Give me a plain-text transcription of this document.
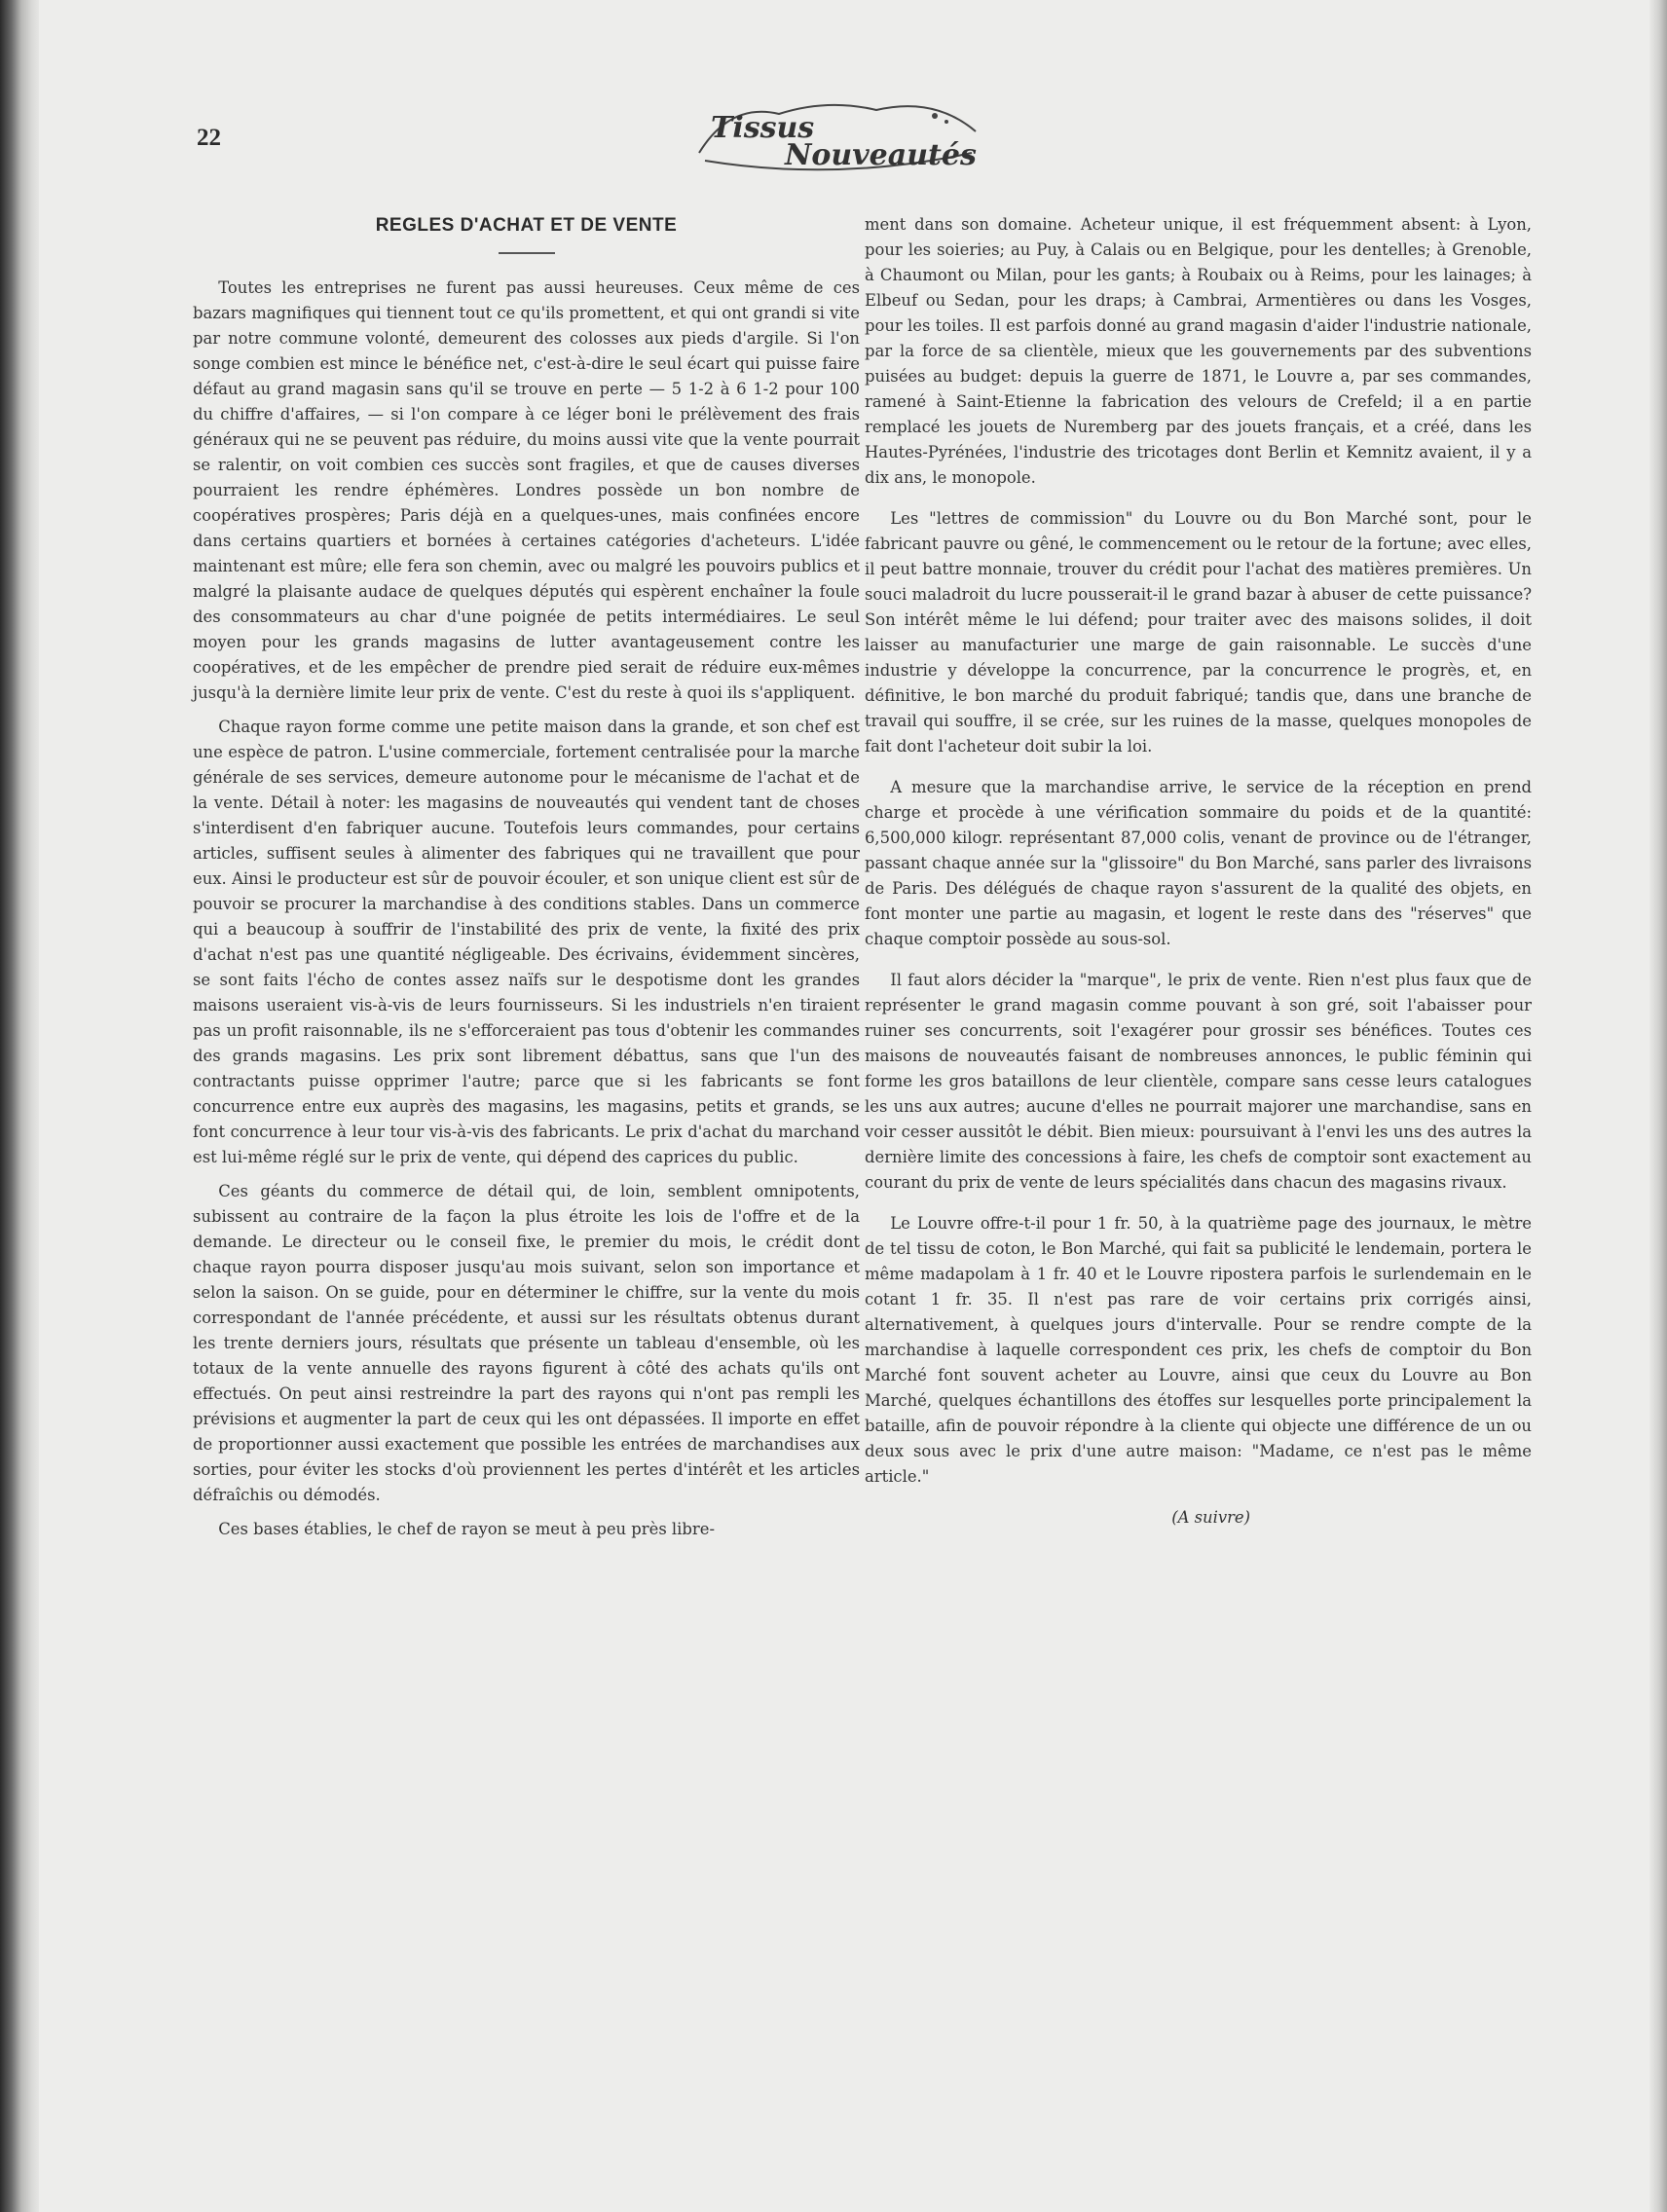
22	Tissus
Nouveautés
REGLES D'ACHAT ET DE VENTE

Toutes les entreprises ne furent pas aussi heureuses. Ceux même de ces bazars magnifiques qui tiennent tout ce qu'ils promettent, et qui ont grandi si vite par notre commune volonté, demeurent des colosses aux pieds d'argile. Si l'on songe combien est mince le bénéfice net, c'est-à-dire le seul écart qui puisse faire défaut au grand magasin sans qu'il se trouve en perte — 5 1-2 à 6 1-2 pour 100 du chiffre d'affaires, — si l'on compare à ce léger boni le prélèvement des frais généraux qui ne se peuvent pas réduire, du moins aussi vite que la vente pourrait se ralentir, on voit combien ces succès sont fragiles, et que de causes diverses pourraient les rendre éphémères. Londres possède un bon nombre de coopératives prospères; Paris déjà en a quelques-unes, mais confinées encore dans certains quartiers et bornées à certaines catégories d'acheteurs. L'idée maintenant est mûre; elle fera son chemin, avec ou malgré les pouvoirs publics et malgré la plaisante audace de quelques députés qui espèrent enchaîner la foule des consommateurs au char d'une poignée de petits intermédiaires. Le seul moyen pour les grands magasins de lutter avantageusement contre les coopératives, et de les empêcher de prendre pied serait de réduire eux-mêmes jusqu'à la dernière limite leur prix de vente. C'est du reste à quoi ils s'appliquent.

Chaque rayon forme comme une petite maison dans la grande, et son chef est une espèce de patron. L'usine commerciale, fortement centralisée pour la marche générale de ses services, demeure autonome pour le mécanisme de l'achat et de la vente. Détail à noter: les magasins de nouveautés qui vendent tant de choses s'interdisent d'en fabriquer aucune. Toutefois leurs commandes, pour certains articles, suffisent seules à alimenter des fabriques qui ne travaillent que pour eux. Ainsi le producteur est sûr de pouvoir écouler, et son unique client est sûr de pouvoir se procurer la marchandise à des conditions stables. Dans un commerce qui a beaucoup à souffrir de l'instabilité des prix de vente, la fixité des prix d'achat n'est pas une quantité négligeable. Des écrivains, évidemment sincères, se sont faits l'écho de contes assez naïfs sur le despotisme dont les grandes maisons useraient vis-à-vis de leurs fournisseurs. Si les industriels n'en tiraient pas un profit raisonnable, ils ne s'efforceraient pas tous d'obtenir les commandes des grands magasins. Les prix sont librement débattus, sans que l'un des contractants puisse opprimer l'autre; parce que si les fabricants se font concurrence entre eux auprès des magasins, les magasins, petits et grands, se font concurrence à leur tour vis-à-vis des fabricants. Le prix d'achat du marchand est lui-même réglé sur le prix de vente, qui dépend des caprices du public.

Ces géants du commerce de détail qui, de loin, semblent omnipotents, subissent au contraire de la façon la plus étroite les lois de l'offre et de la demande. Le directeur ou le conseil fixe, le premier du mois, le crédit dont chaque rayon pourra disposer jusqu'au mois suivant, selon son importance et selon la saison. On se guide, pour en déterminer le chiffre, sur la vente du mois correspondant de l'année précédente, et aussi sur les résultats obtenus durant les trente derniers jours, résultats que présente un tableau d'ensemble, où les totaux de la vente annuelle des rayons figurent à côté des achats qu'ils ont effectués. On peut ainsi restreindre la part des rayons qui n'ont pas rempli les prévisions et augmenter la part de ceux qui les ont dépassées. Il importe en effet de proportionner aussi exactement que possible les entrées de marchandises aux sorties, pour éviter les stocks d'où proviennent les pertes d'intérêt et les articles défraîchis ou démodés.

Ces bases établies, le chef de rayon se meut à peu près libre-

ment dans son domaine. Acheteur unique, il est fréquemment absent: à Lyon, pour les soieries; au Puy, à Calais ou en Belgique, pour les dentelles; à Grenoble, à Chaumont ou Milan, pour les gants; à Roubaix ou à Reims, pour les lainages; à Elbeuf ou Sedan, pour les draps; à Cambrai, Armentières ou dans les Vosges, pour les toiles. Il est parfois donné au grand magasin d'aider l'industrie nationale, par la force de sa clientèle, mieux que les gouvernements par des subventions puisées au budget: depuis la guerre de 1871, le Louvre a, par ses commandes, ramené à Saint-Etienne la fabrication des velours de Crefeld; il a en partie remplacé les jouets de Nuremberg par des jouets français, et a créé, dans les Hautes-Pyrénées, l'industrie des tricotages dont Berlin et Kemnitz avaient, il y a dix ans, le monopole.

Les "lettres de commission" du Louvre ou du Bon Marché sont, pour le fabricant pauvre ou gêné, le commencement ou le retour de la fortune; avec elles, il peut battre monnaie, trouver du crédit pour l'achat des matières premières. Un souci maladroit du lucre pousserait-il le grand bazar à abuser de cette puissance? Son intérêt même le lui défend; pour traiter avec des maisons solides, il doit laisser au manufacturier une marge de gain raisonnable. Le succès d'une industrie y développe la concurrence, par la concurrence le progrès, et, en définitive, le bon marché du produit fabriqué; tandis que, dans une branche de travail qui souffre, il se crée, sur les ruines de la masse, quelques monopoles de fait dont l'acheteur doit subir la loi.

A mesure que la marchandise arrive, le service de la réception en prend charge et procède à une vérification sommaire du poids et de la quantité: 6,500,000 kilogr. représentant 87,000 colis, venant de province ou de l'étranger, passant chaque année sur la "glissoire" du Bon Marché, sans parler des livraisons de Paris. Des délégués de chaque rayon s'assurent de la qualité des objets, en font monter une partie au magasin, et logent le reste dans des "réserves" que chaque comptoir possède au sous-sol.

Il faut alors décider la "marque", le prix de vente. Rien n'est plus faux que de représenter le grand magasin comme pouvant à son gré, soit l'abaisser pour ruiner ses concurrents, soit l'exagérer pour grossir ses bénéfices. Toutes ces maisons de nouveautés faisant de nombreuses annonces, le public féminin qui forme les gros bataillons de leur clientèle, compare sans cesse leurs catalogues les uns aux autres; aucune d'elles ne pourrait majorer une marchandise, sans en voir cesser aussitôt le débit. Bien mieux: poursuivant à l'envi les uns des autres la dernière limite des concessions à faire, les chefs de comptoir sont exactement au courant du prix de vente de leurs spécialités dans chacun des magasins rivaux.

Le Louvre offre-t-il pour 1 fr. 50, à la quatrième page des journaux, le mètre de tel tissu de coton, le Bon Marché, qui fait sa publicité le lendemain, portera le même madapolam à 1 fr. 40 et le Louvre ripostera parfois le surlendemain en le cotant 1 fr. 35. Il n'est pas rare de voir certains prix corrigés ainsi, alternativement, à quelques jours d'intervalle. Pour se rendre compte de la marchandise à laquelle correspondent ces prix, les chefs de comptoir du Bon Marché font souvent acheter au Louvre, ainsi que ceux du Louvre au Bon Marché, quelques échantillons des étoffes sur lesquelles porte principalement la bataille, afin de pouvoir répondre à la cliente qui objecte une différence de un ou deux sous avec le prix d'une autre maison: "Madame, ce n'est pas le même article."

(A suivre)
